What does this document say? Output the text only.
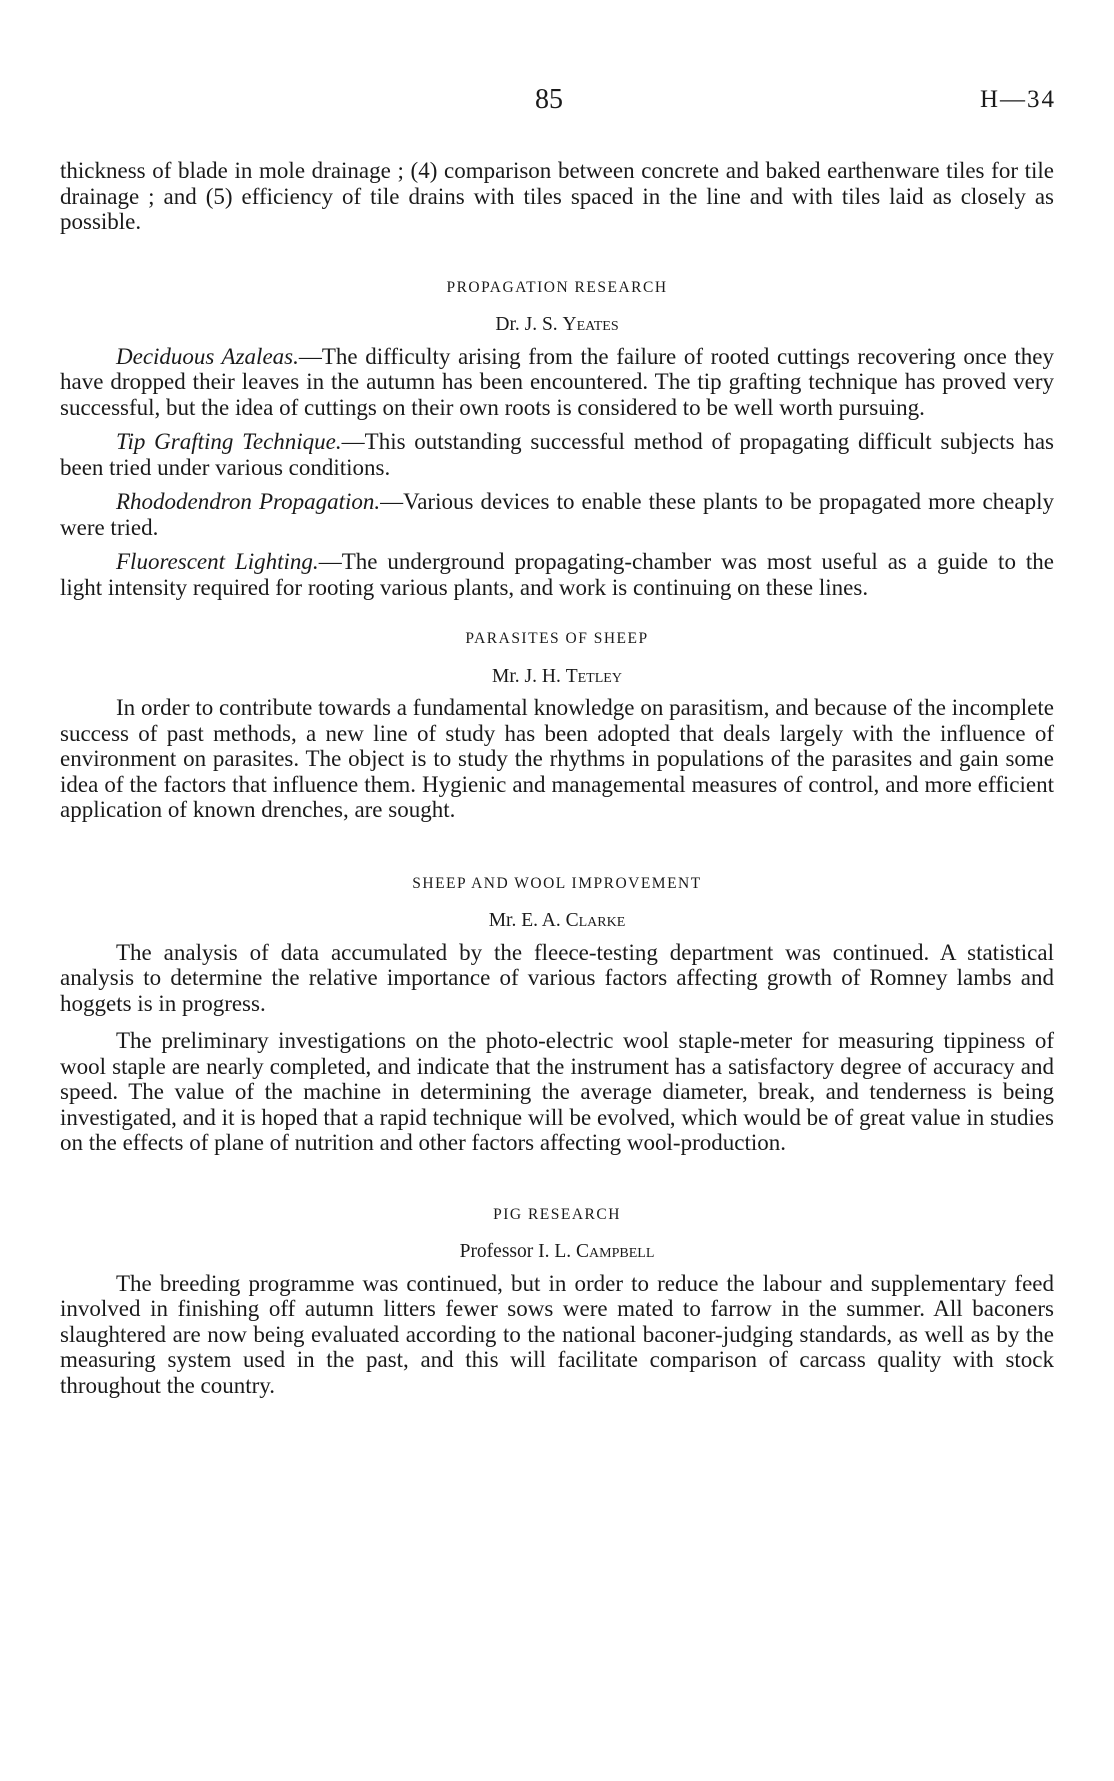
85	H—34

thickness of blade in mole drainage ; (4) comparison between concrete and baked earthenware tiles for tile drainage ; and (5) efficiency of tile drains with tiles spaced in the line and with tiles laid as closely as possible.

PROPAGATION RESEARCH

Dr. J. S. Yeates

Deciduous Azaleas.—The difficulty arising from the failure of rooted cuttings recovering once they have dropped their leaves in the autumn has been encountered. The tip grafting technique has proved very successful, but the idea of cuttings on their own roots is considered to be well worth pursuing.

Tip Grafting Technique.—This outstanding successful method of propagating difficult subjects has been tried under various conditions.

Rhododendron Propagation.—Various devices to enable these plants to be propagated more cheaply were tried.

Fluorescent Lighting.—The underground propagating-chamber was most useful as a guide to the light intensity required for rooting various plants, and work is continuing on these lines.

PARASITES OF SHEEP

Mr. J. H. Tetley

In order to contribute towards a fundamental knowledge on parasitism, and because of the incomplete success of past methods, a new line of study has been adopted that deals largely with the influence of environment on parasites. The object is to study the rhythms in populations of the parasites and gain some idea of the factors that influence them. Hygienic and managemental measures of control, and more efficient application of known drenches, are sought.

SHEEP AND WOOL IMPROVEMENT

Mr. E. A. Clarke

The analysis of data accumulated by the fleece-testing department was continued. A statistical analysis to determine the relative importance of various factors affecting growth of Romney lambs and hoggets is in progress.

The preliminary investigations on the photo-electric wool staple-meter for measuring tippiness of wool staple are nearly completed, and indicate that the instrument has a satisfactory degree of accuracy and speed. The value of the machine in determining the average diameter, break, and tenderness is being investigated, and it is hoped that a rapid technique will be evolved, which would be of great value in studies on the effects of plane of nutrition and other factors affecting wool-production.

PIG RESEARCH

Professor I. L. Campbell

The breeding programme was continued, but in order to reduce the labour and supplementary feed involved in finishing off autumn litters fewer sows were mated to farrow in the summer. All baconers slaughtered are now being evaluated according to the national baconer-judging standards, as well as by the measuring system used in the past, and this will facilitate comparison of carcass quality with stock throughout the country.
